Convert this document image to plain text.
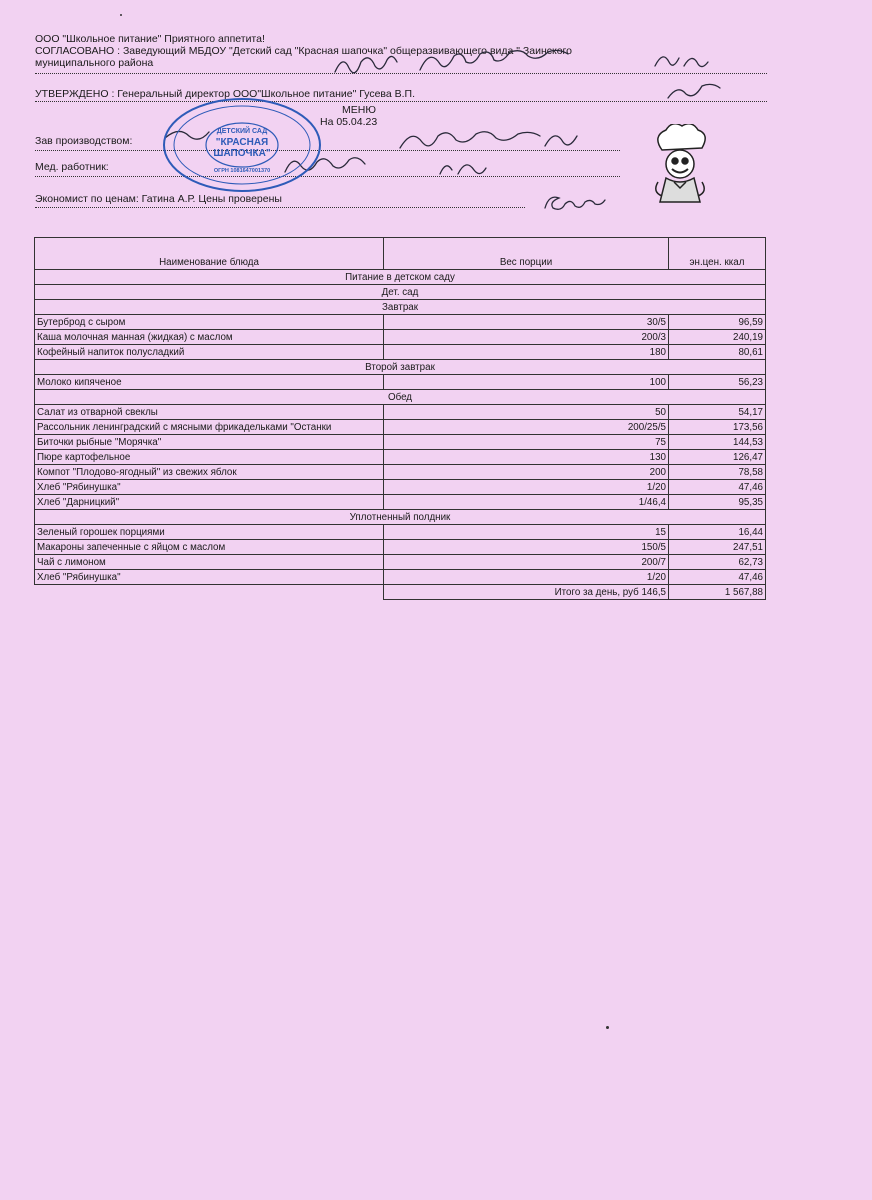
ООО "Школьное питание" Приятного аппетита!
СОГЛАСОВАНО : Заведующий МБДОУ "Детский сад "Красная шапочка" общеразвивающего вида " Заинского
муниципального района
УТВЕРЖДЕНО : Генеральный директор ООО"Школьное питание" Гусева В.П.
МЕНЮ
На 05.04.23
Зав производством:
Мед. работник:
Экономист по ценам: Гатина А.Р. Цены проверены
ДЕТСКИЙ САД
"КРАСНАЯ
ШАПОЧКА"
ОГРН 1081647001370
Наименование блюда	Вес порции	эн.цен. ккал
Питание в детском саду		
Дет. сад		
Завтрак		
Бутерброд с сыром	30/5	96,59
Каша молочная манная (жидкая) с маслом	200/3	240,19
Кофейный напиток полусладкий	180	80,61
Второй завтрак		
Молоко кипяченое	100	56,23
Обед		
Салат из отварной свеклы	50	54,17
Рассольник ленинградский с мясными фрикадельками "Останки	200/25/5	173,56
Биточки рыбные "Морячка"	75	144,53
Пюре картофельное	130	126,47
Компот "Плодово-ягодный" из свежих яблок	200	78,58
Хлеб "Рябинушка"	1/20	47,46
Хлеб "Дарницкий"	1/46,4	95,35
Уплотненный полдник		
Зеленый горошек порциями	15	16,44
Макароны запеченные с яйцом с маслом	150/5	247,51
Чай с лимоном	200/7	62,73
Хлеб "Рябинушка"	1/20	47,46
	Итого за день, руб 146,5	1 567,88
